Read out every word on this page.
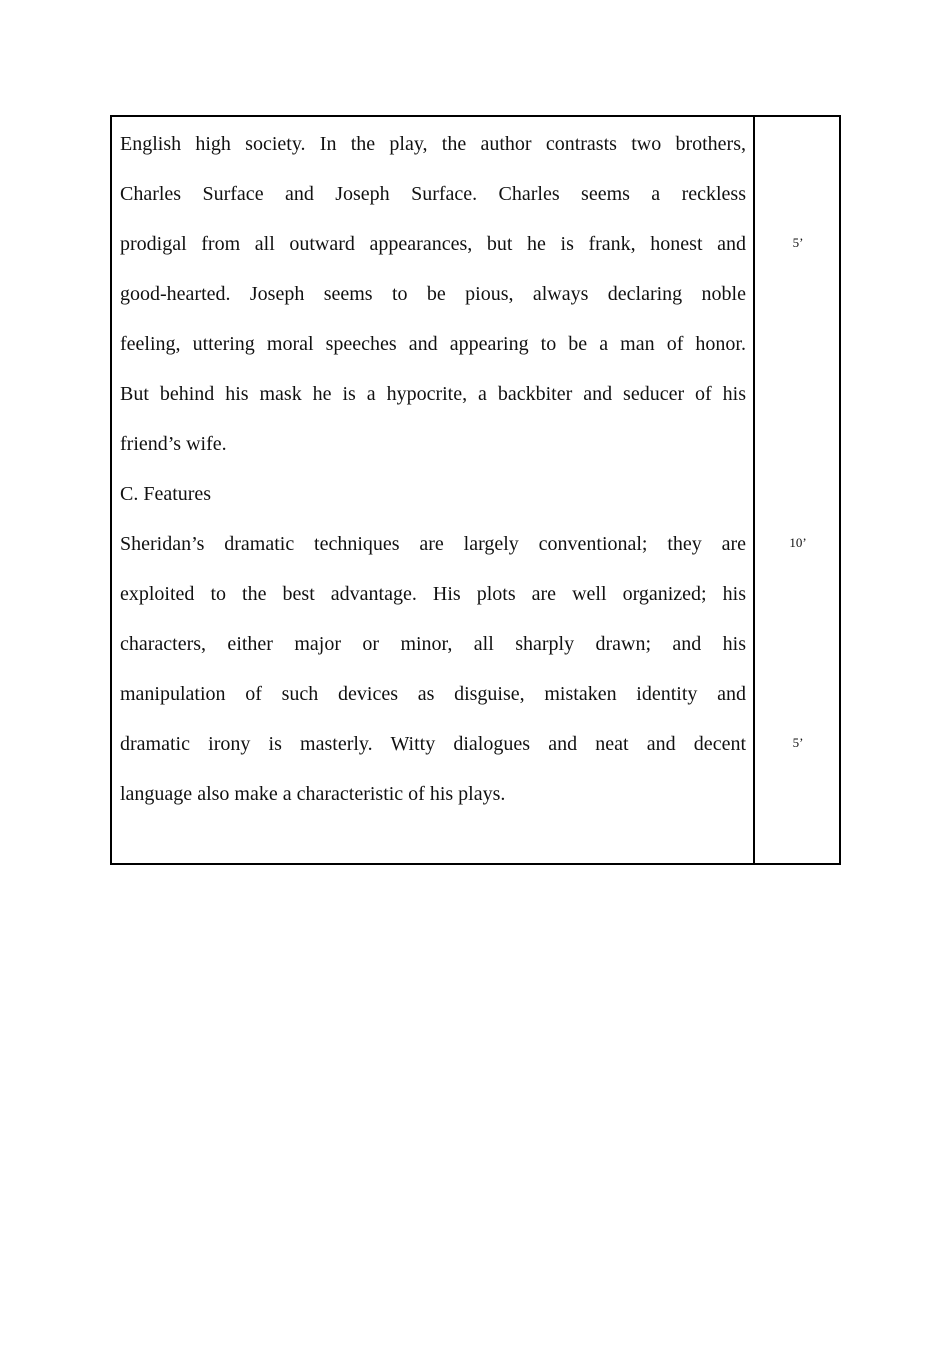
English high society. In the play, the author contrasts two brothers,
Charles Surface and Joseph Surface. Charles seems a reckless
prodigal from all outward appearances, but he is frank, honest and
good-hearted. Joseph seems to be pious, always declaring noble
feeling, uttering moral speeches and appearing to be a man of honor.
But behind his mask he is a hypocrite, a backbiter and seducer of his
friend’s wife.
C. Features
Sheridan’s dramatic techniques are largely conventional; they are
exploited to the best advantage. His plots are well organized; his
characters, either major or minor, all sharply drawn; and his
manipulation of such devices as disguise, mistaken identity and
dramatic irony is masterly. Witty dialogues and neat and decent
language also make a characteristic of his plays.
5’
10’
5’
